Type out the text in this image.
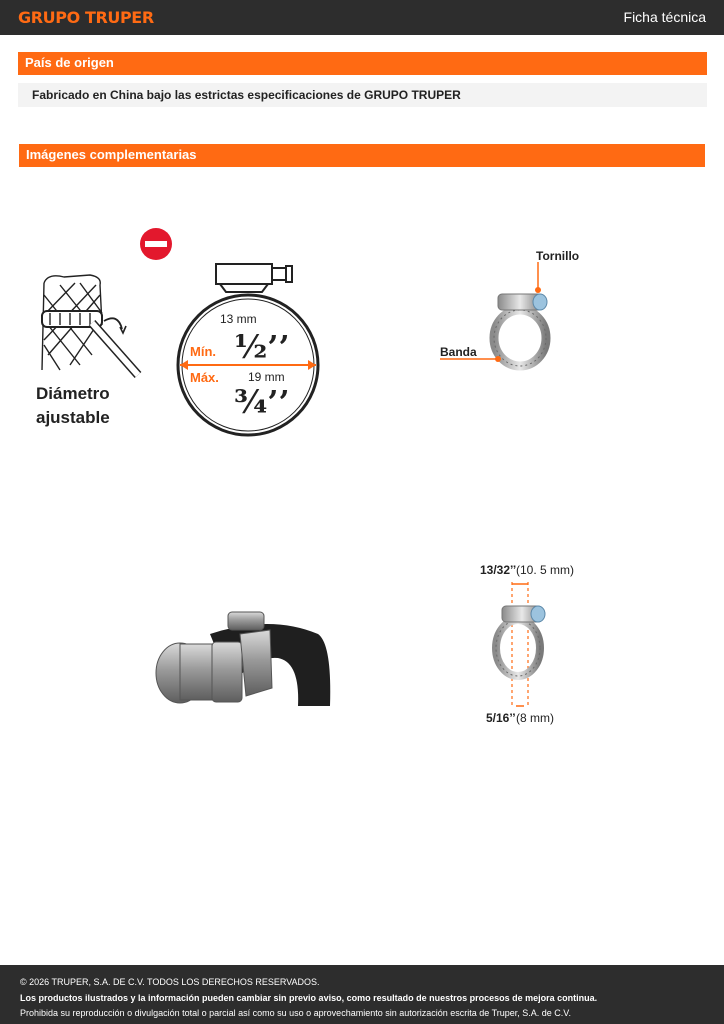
GRUPO TRUPER	Ficha técnica
País de origen
Fabricado en China bajo las estrictas especificaciones de GRUPO TRUPER
Imágenes complementarias
Diámetro
ajustable
13 mm
½’’
Mín.
Máx. 19 mm
¾’’
Tornillo
Banda
13/32’’ (10. 5 mm)
5/16’’ (8 mm)
© 2026 TRUPER, S.A. DE C.V. TODOS LOS DERECHOS RESERVADOS.
Los productos ilustrados y la información pueden cambiar sin previo aviso, como resultado de nuestros procesos de mejora continua.
Prohibida su reproducción o divulgación total o parcial así como su uso o aprovechamiento sin autorización escrita de Truper, S.A. de C.V.
